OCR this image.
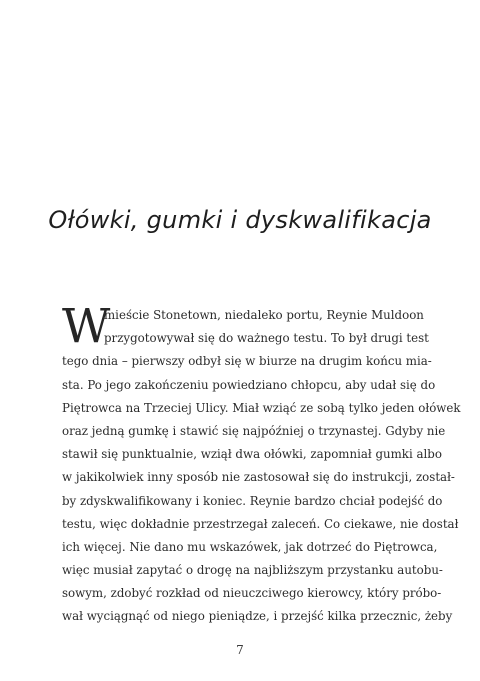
Ołówki, gumki i dyskwalifikacja
W
mieście Stonetown, niedaleko portu, Reynie Muldoon
przygotowywał się do ważnego testu. To był drugi test
tego dnia – pierwszy odbył się w biurze na drugim końcu mia-
sta. Po jego zakończeniu powiedziano chłopcu, aby udał się do
Piętrowca na Trzeciej Ulicy. Miał wziąć ze sobą tylko jeden ołówek
oraz jedną gumkę i stawić się najpóźniej o trzynastej. Gdyby nie
stawił się punktualnie, wziął dwa ołówki, zapomniał gumki albo
w jakikolwiek inny sposób nie zastosował się do instrukcji, został-
by zdyskwalifikowany i koniec. Reynie bardzo chciał podejść do
testu, więc dokładnie przestrzegał zaleceń. Co ciekawe, nie dostał
ich więcej. Nie dano mu wskazówek, jak dotrzeć do Piętrowca,
więc musiał zapytać o drogę na najbliższym przystanku autobu-
sowym, zdobyć rozkład od nieuczciwego kierowcy, który próbo-
wał wyciągnąć od niego pieniądze, i przejść kilka przecznic, żeby
7
